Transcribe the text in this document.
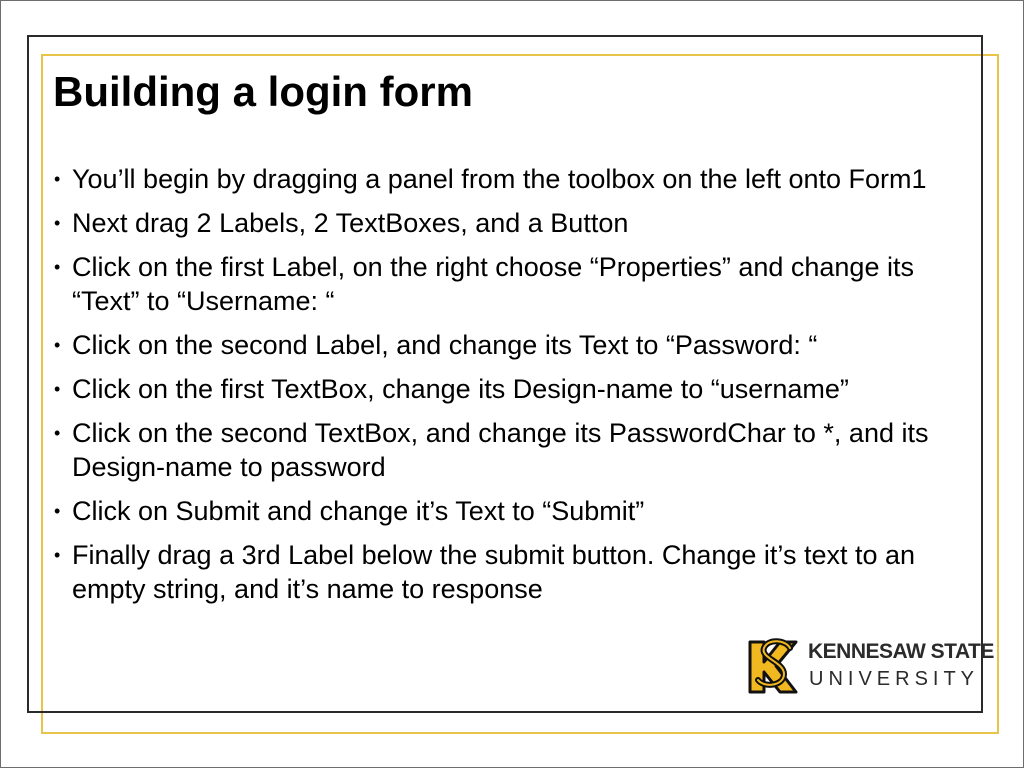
Building a login form
• You’ll begin by dragging a panel from the toolbox on the left onto Form1
• Next drag 2 Labels, 2 TextBoxes, and a Button
• Click on the first Label, on the right choose “Properties” and change its “Text” to “Username: “
• Click on the second Label, and change its Text to “Password: “
• Click on the first TextBox, change its Design-name to “username”
• Click on the second TextBox, and change its PasswordChar to *, and its Design-name to password
• Click on Submit and change it’s Text to “Submit”
• Finally drag a 3rd Label below the submit button. Change it’s text to an empty string, and it’s name to response
KENNESAW STATE
UNIVERSITY
